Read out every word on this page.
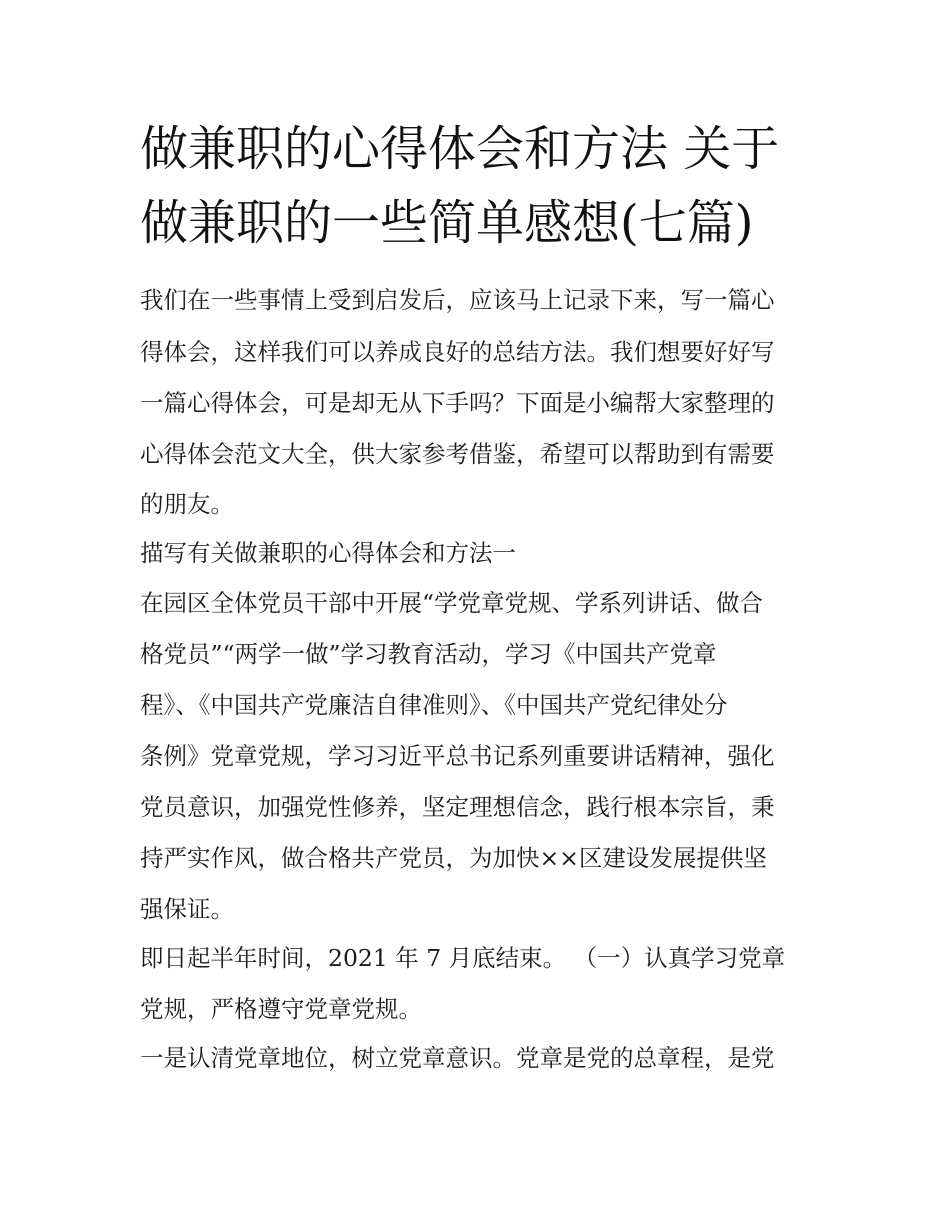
做兼职的心得体会和方法 关于
做兼职的一些简单感想(七篇)

我们在一些事情上受到启发后，应该马上记录下来，写一篇心

得体会，这样我们可以养成良好的总结方法。我们想要好好写

一篇心得体会，可是却无从下手吗？下面是小编帮大家整理的

心得体会范文大全，供大家参考借鉴，希望可以帮助到有需要

的朋友。

描写有关做兼职的心得体会和方法一

在园区全体党员干部中开展“学党章党规、学系列讲话、做合

格党员”“两学一做”学习教育活动，学习《中国共产党章

程》、《中国共产党廉洁自律准则》、《中国共产党纪律处分

条例》党章党规，学习习近平总书记系列重要讲话精神，强化

党员意识，加强党性修养，坚定理想信念，践行根本宗旨，秉

持严实作风，做合格共产党员，为加快××区建设发展提供坚

强保证。

即日起半年时间，2021 年 7 月底结束。 （一）认真学习党章

党规，严格遵守党章党规。

一是认清党章地位，树立党章意识。党章是党的总章程，是党
